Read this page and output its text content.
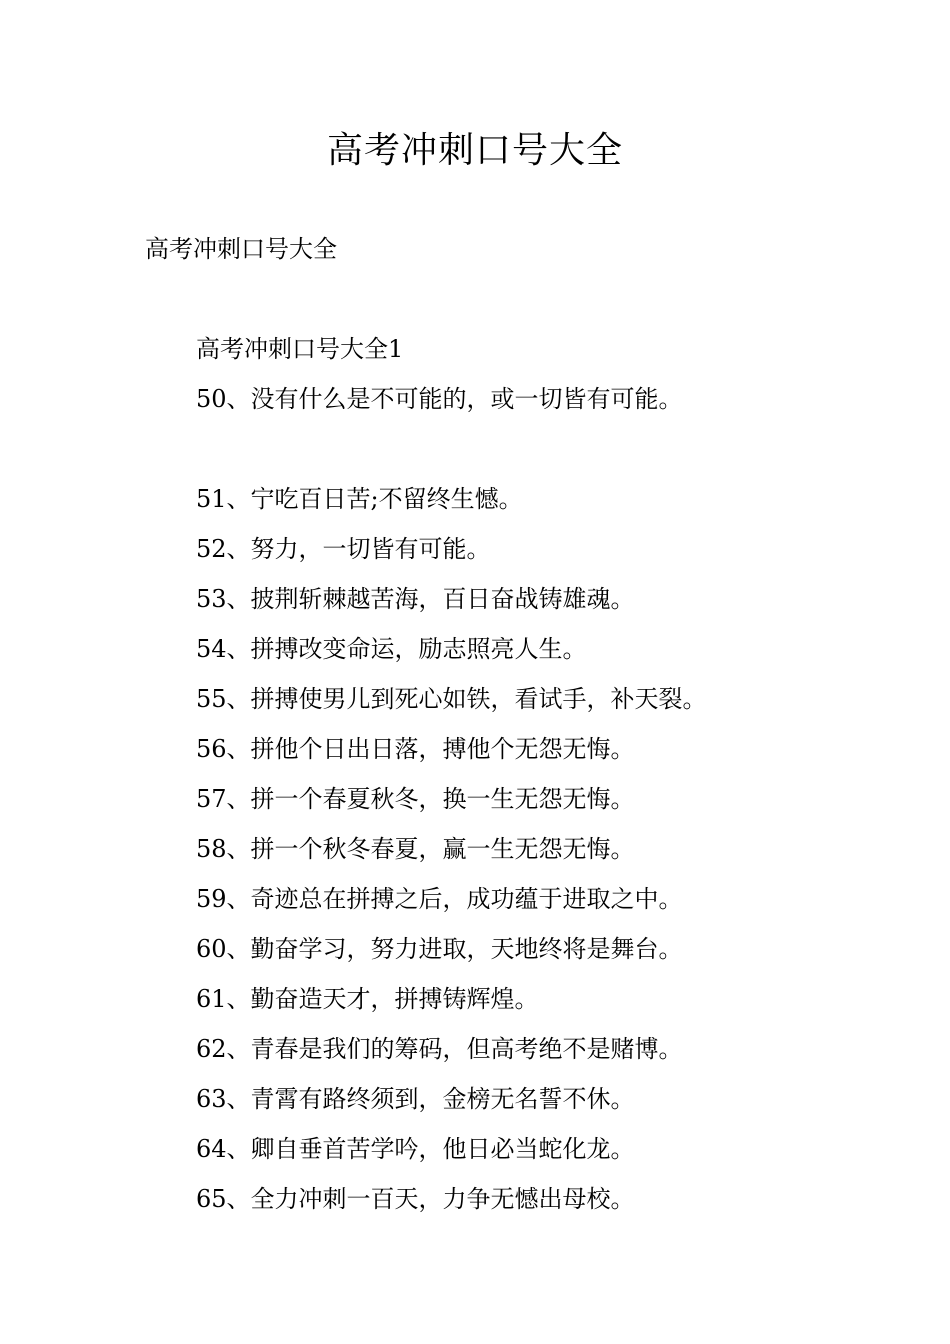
高考冲刺口号大全
高考冲刺口号大全
高考冲刺口号大全1
50、没有什么是不可能的，或一切皆有可能。
51、宁吃百日苦;不留终生憾。
52、努力，一切皆有可能。
53、披荆斩棘越苦海，百日奋战铸雄魂。
54、拼搏改变命运，励志照亮人生。
55、拼搏使男儿到死心如铁，看试手，补天裂。
56、拼他个日出日落，搏他个无怨无悔。
57、拼一个春夏秋冬，换一生无怨无悔。
58、拼一个秋冬春夏，赢一生无怨无悔。
59、奇迹总在拼搏之后，成功蕴于进取之中。
60、勤奋学习，努力进取，天地终将是舞台。
61、勤奋造天才，拼搏铸辉煌。
62、青春是我们的筹码，但高考绝不是赌博。
63、青霄有路终须到，金榜无名誓不休。
64、卿自垂首苦学吟，他日必当蛇化龙。
65、全力冲刺一百天，力争无憾出母校。
